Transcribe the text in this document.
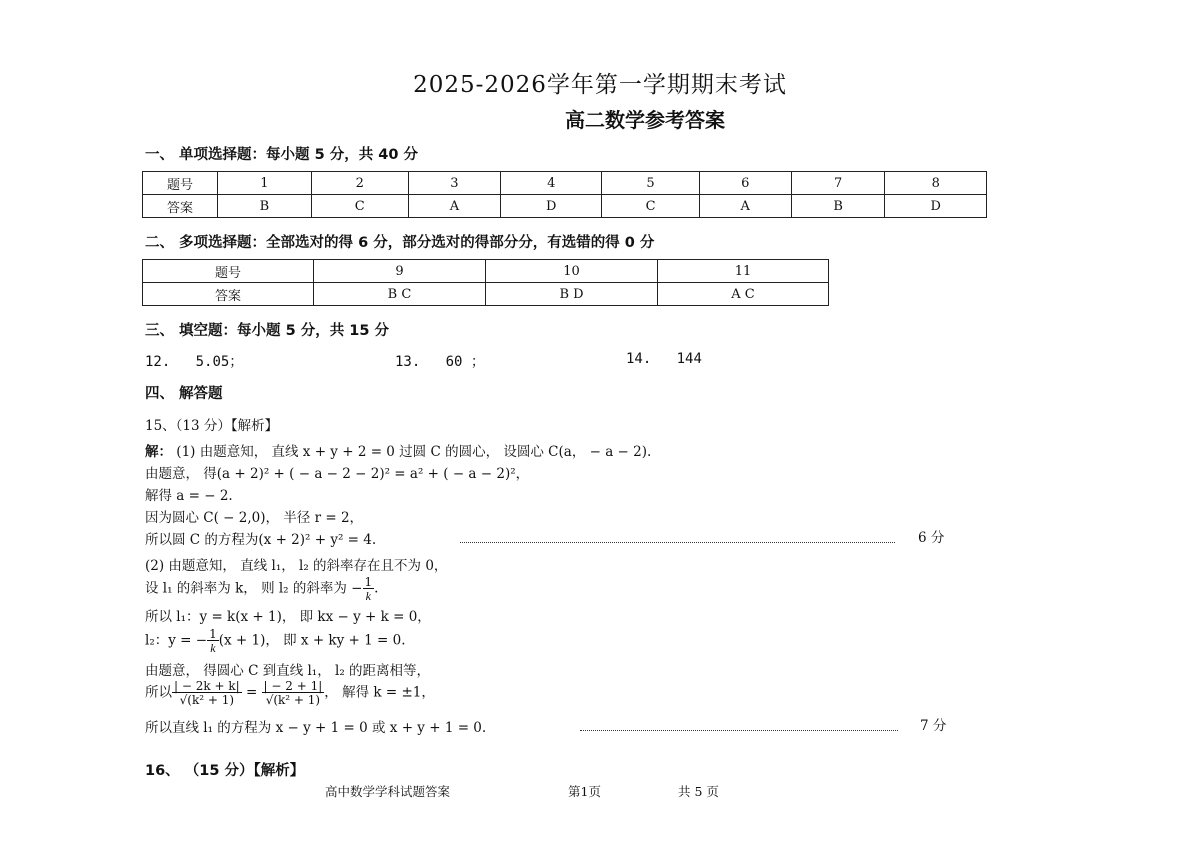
2025-2026学年第一学期期末考试
高二数学参考答案
一、 单项选择题：每小题 5 分，共 40 分
题号	1	2	3	4	5	6	7	8
答案	B	C	A	D	C	A	B	D
二、 多项选择题：全部选对的得 6 分，部分选对的得部分分，有选错的得 0 分
题号	9	10	11
答案	B C	B D	A C
三、 填空题：每小题 5 分，共 15 分
12. 5.05；	13. 60 ；	14. 144
四、 解答题
15、（13 分）【解析】
解： (1) 由题意知， 直线 x + y + 2 = 0 过圆 C 的圆心， 设圆心 C(a， − a − 2).
由题意， 得(a + 2)² + ( − a − 2 − 2)² = a² + ( − a − 2)²，
解得 a = − 2.
因为圆心 C( − 2,0)， 半径 r = 2，
所以圆 C 的方程为(x + 2)² + y² = 4.	6 分
(2) 由题意知， 直线 l₁， l₂ 的斜率存在且不为 0，
设 l₁ 的斜率为 k， 则 l₂ 的斜率为 − $\frac{1}{k}$ .
所以 l₁：y = k(x + 1)， 即 kx − y + k = 0，
l₂：y = − $\frac{1}{k} (x + 1)$， 即 x + ky + 1 = 0.
由题意， 得圆心 C 到直线 l₁， l₂ 的距离相等，
所以 $\frac{| - 2k + k|}{\text{√(k² + 1)}} = \frac{| - 2 + 1|}{\text{√(k² + 1)}}$ ， 解得 k = ±1，
所以直线 l₁ 的方程为 x − y + 1 = 0 或 x + y + 1 = 0.	7 分
16、 （15 分）【解析】
高中数学学科试题答案	第1页	共 5 页
